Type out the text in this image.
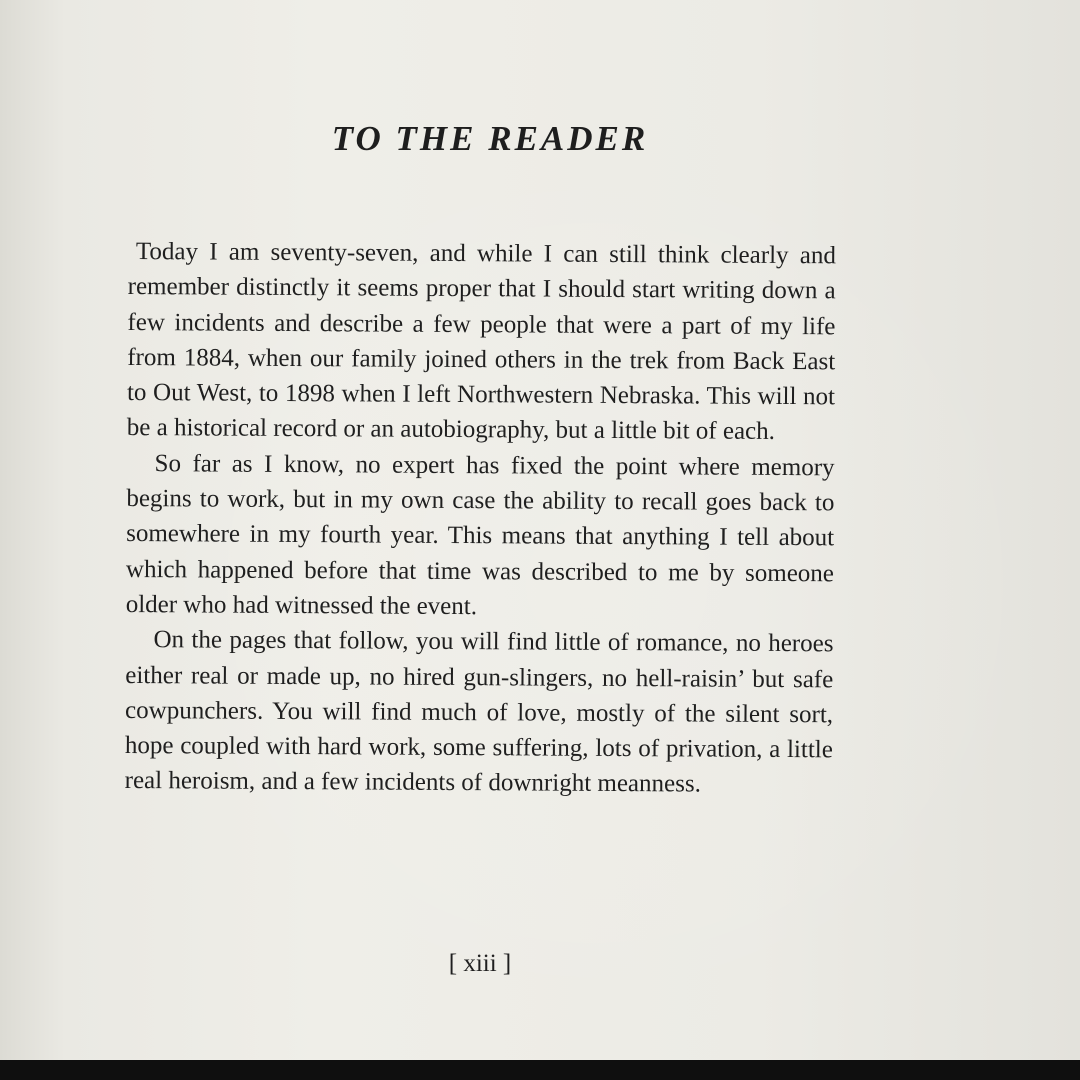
TO THE READER

Today I am seventy-seven, and while I can still think clearly and remember distinctly it seems proper that I should start writing down a few incidents and describe a few people that were a part of my life from 1884, when our family joined others in the trek from Back East to Out West, to 1898 when I left Northwestern Nebraska. This will not be a historical record or an autobiography, but a little bit of each.

So far as I know, no expert has fixed the point where memory begins to work, but in my own case the ability to recall goes back to somewhere in my fourth year. This means that anything I tell about which happened before that time was described to me by someone older who had witnessed the event.

On the pages that follow, you will find little of romance, no heroes either real or made up, no hired gun-slingers, no hell-raisin’ but safe cowpunchers. You will find much of love, mostly of the silent sort, hope coupled with hard work, some suffering, lots of privation, a little real heroism, and a few incidents of downright meanness.

[ xiii ]
